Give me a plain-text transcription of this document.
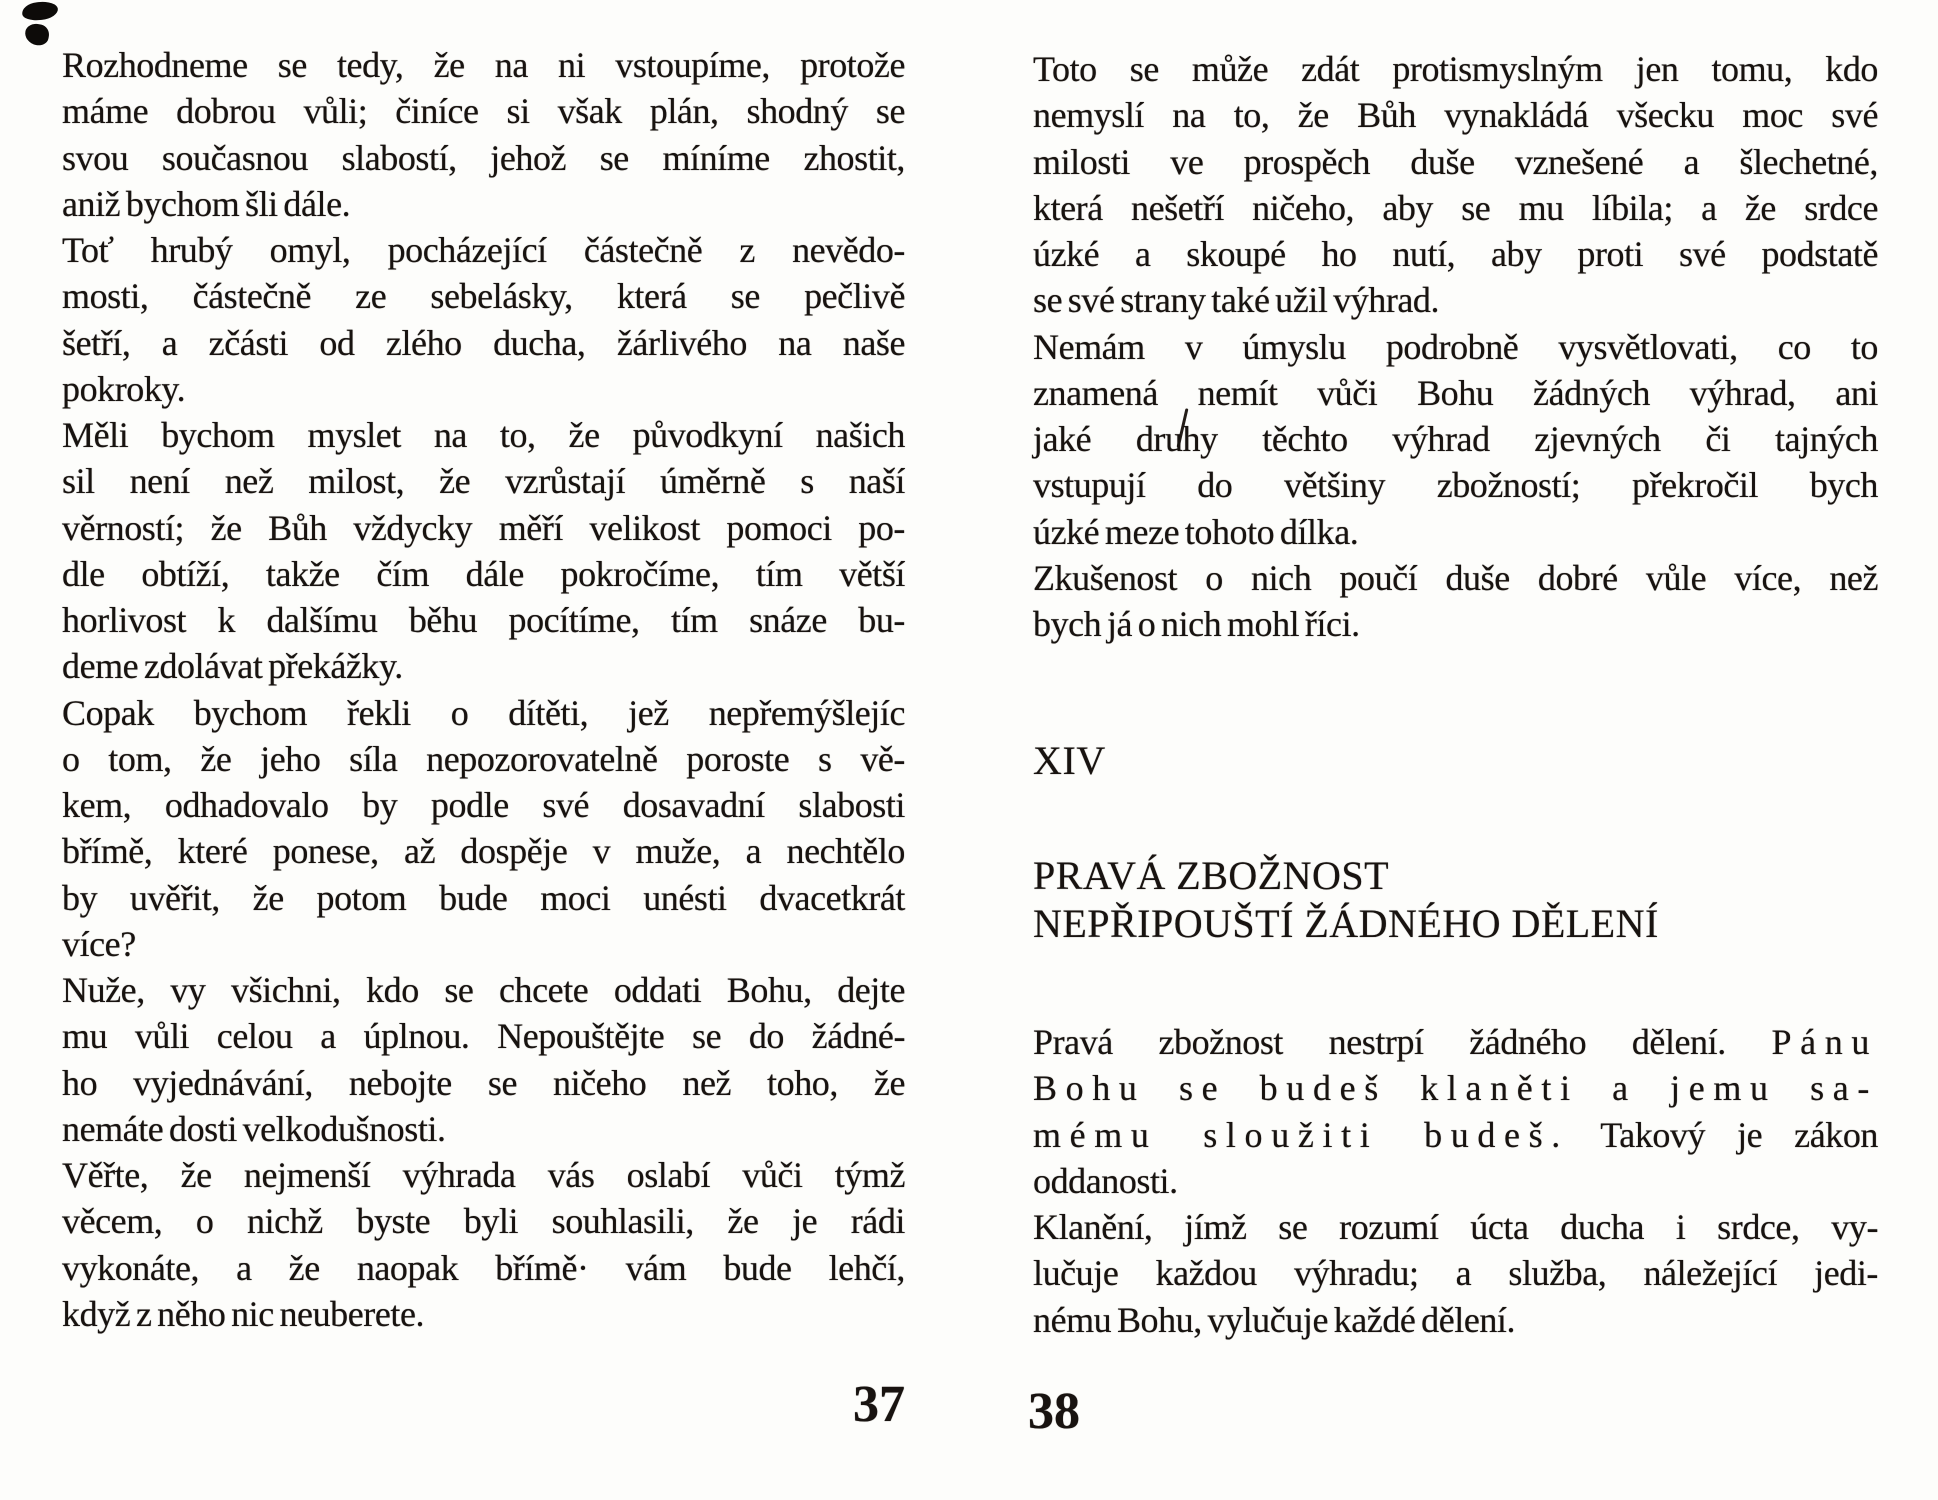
Rozhodneme se tedy, že na ni vstoupíme, protože
máme dobrou vůli; činíce si však plán, shodný se
svou současnou slabostí, jehož se míníme zhostit,
aniž bychom šli dále.
Toť hrubý omyl, pocházející částečně z nevědo-
mosti, částečně ze sebelásky, která se pečlivě
šetří, a zčásti od zlého ducha, žárlivého na naše
pokroky.
Měli bychom myslet na to, že původkyní našich
sil není než milost, že vzrůstají úměrně s naší
věrností; že Bůh vždycky měří velikost pomoci po-
dle obtíží, takže čím dále pokročíme, tím větší
horlivost k dalšímu běhu pocítíme, tím snáze bu-
deme zdolávat překážky.
Copak bychom řekli o dítěti, jež nepřemýšlejíc
o tom, že jeho síla nepozorovatelně poroste s vě-
kem, odhadovalo by podle své dosavadní slabosti
břímě, které ponese, až dospěje v muže, a nechtělo
by uvěřit, že potom bude moci unésti dvacetkrát
více?
Nuže, vy všichni, kdo se chcete oddati Bohu, dejte
mu vůli celou a úplnou. Nepouštějte se do žádné-
ho vyjednávání, nebojte se ničeho než toho, že
nemáte dosti velkodušnosti.
Věřte, že nejmenší výhrada vás oslabí vůči týmž
věcem, o nichž byste byli souhlasili, že je rádi
vykonáte, a že naopak břímě· vám bude lehčí,
když z něho nic neuberete.
Toto se může zdát protismyslným jen tomu, kdo
nemyslí na to, že Bůh vynakládá všecku moc své
milosti ve prospěch duše vznešené a šlechetné,
která nešetří ničeho, aby se mu líbila; a že srdce
úzké a skoupé ho nutí, aby proti své podstatě
se své strany také užil výhrad.
Nemám v úmyslu podrobně vysvětlovati, co to
znamená nemít vůči Bohu žádných výhrad, ani
jaké druhy těchto výhrad zjevných či tajných
vstupují do většiny zbožností; překročil bych
úzké meze tohoto dílka.
Zkušenost o nich poučí duše dobré vůle více, než
bych já o nich mohl říci.
XIV
PRAVÁ ZBOŽNOST
NEPŘIPOUŠTÍ ŽÁDNÉHO DĚLENÍ
Pravá zbožnost nestrpí žádného dělení. Pánu
Bohu se budeš klaněti a jemu sa-
mému sloužiti budeš. Takový je zákon
oddanosti.
Klanění, jímž se rozumí úcta ducha i srdce, vy-
lučuje každou výhradu; a služba, náležející jedi-
nému Bohu, vylučuje každé dělení.
37 38
